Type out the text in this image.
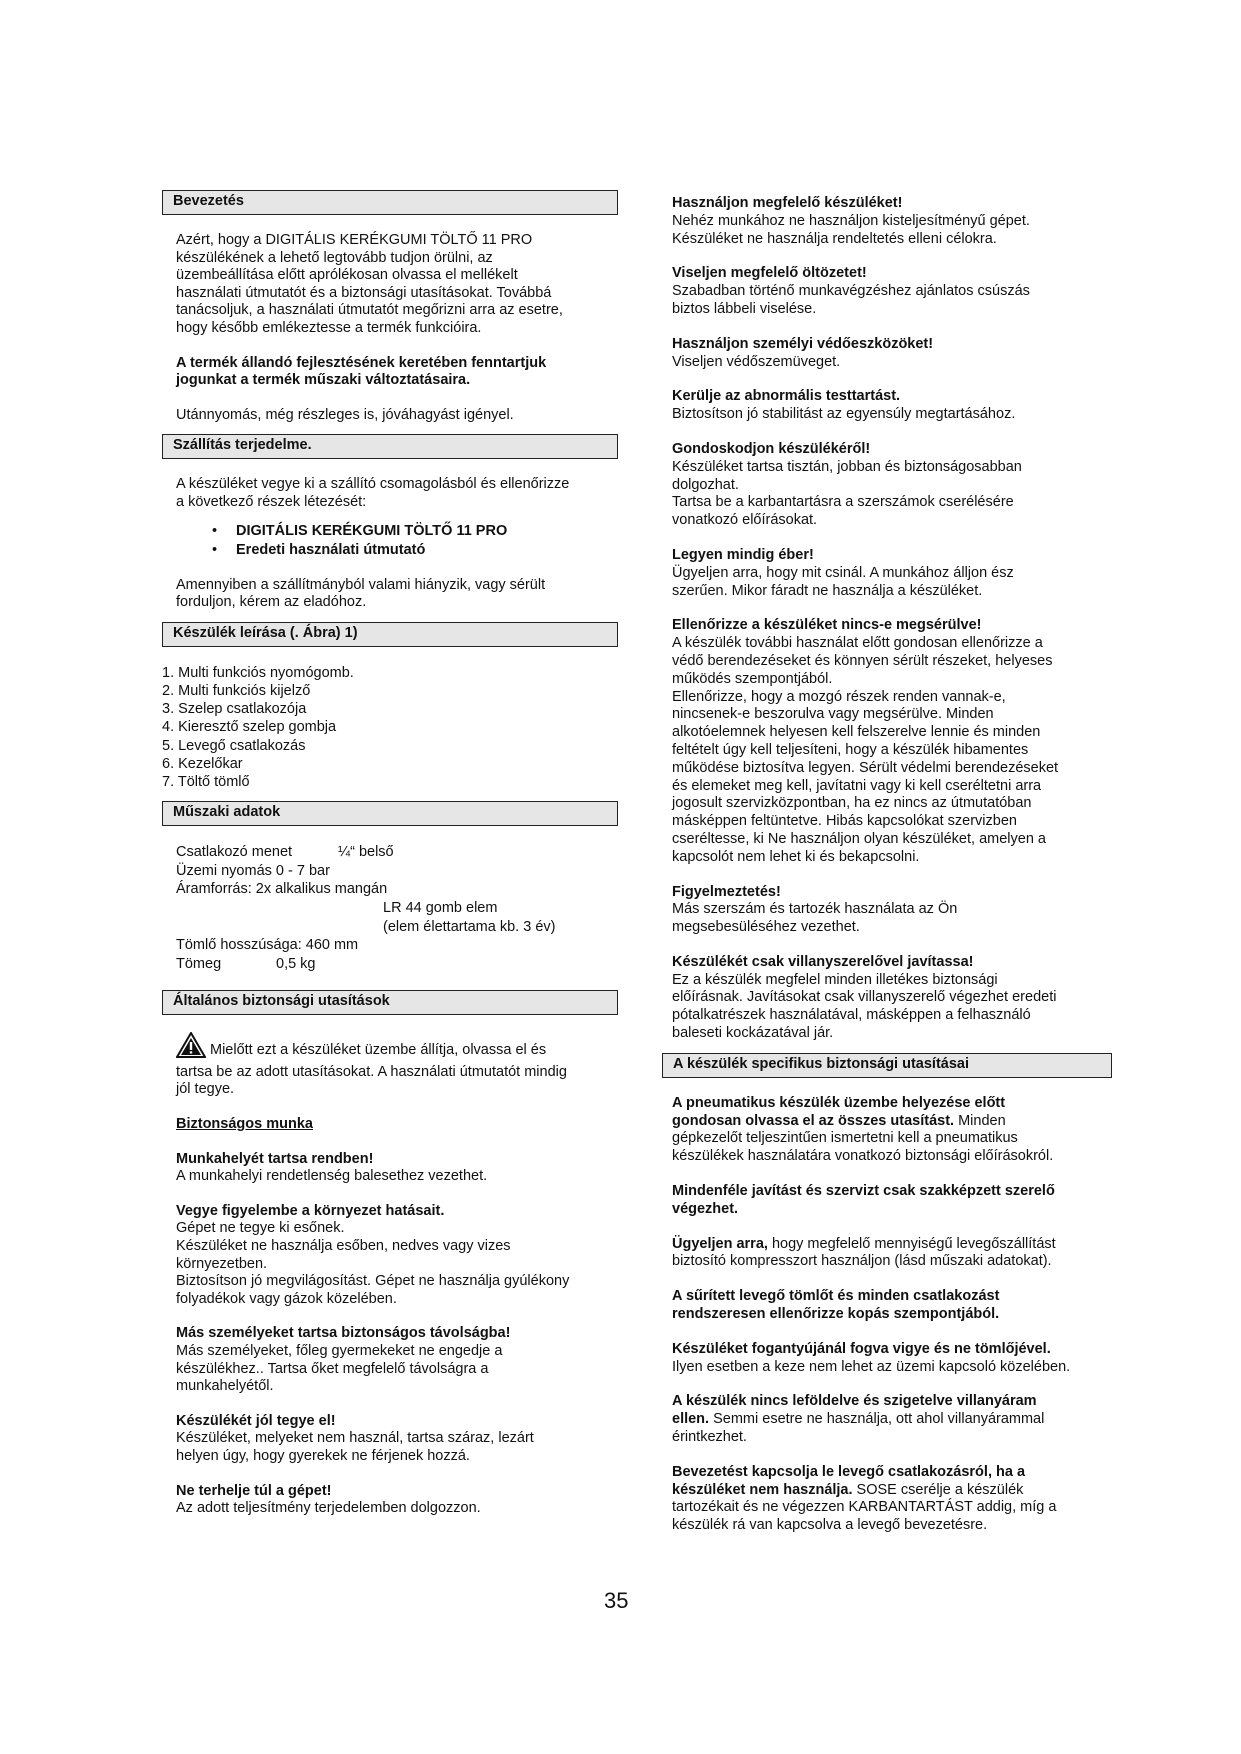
Bevezetés

Azért, hogy a DIGITÁLIS KERÉKGUMI TÖLTŐ 11 PRO

készülékének a lehető legtovább tudjon örülni, az

üzembeállítása előtt aprólékosan olvassa el mellékelt

használati útmutatót és a biztonsági utasításokat. Továbbá

tanácsoljuk, a használati útmutatót megőrizni arra az esetre,

hogy később emlékeztesse a termék funkcióira.

A termék állandó fejlesztésének keretében fenntartjuk

jogunkat a termék műszaki változtatásaira.

Utánnyomás, még részleges is, jóváhagyást igényel.

Szállítás terjedelme.

A készüléket vegye ki a szállító csomagolásból és ellenőrizze

a következő részek létezését:

• DIGITÁLIS KERÉKGUMI TÖLTŐ 11 PRO
• Eredeti használati útmutató

Amennyiben a szállítmányból valami hiányzik, vagy sérült

forduljon, kérem az eladóhoz.

Készülék leírása (. Ábra) 1)
1. Multi funkciós nyomógomb.
2. Multi funkciós kijelző
3. Szelep csatlakozója
4. Kieresztő szelep gombja
5. Levegő csatlakozás
6. Kezelőkar
7. Töltő tömlő
Műszaki adatok
Csatlakozó menet	¼“ belső

Üzemi nyomás 0 - 7 bar

Áramforrás: 2x alkalikus mangán

LR 44 gomb elem

(elem élettartama kb. 3 év)

Tömlő hosszúsága: 460 mm

Tömeg	0,5 kg
Általános biztonsági utasítások

Mielőtt ezt a készüléket üzembe állítja, olvassa el és

tartsa be az adott utasításokat. A használati útmutatót mindig

jól tegye.

Biztonságos munka

Munkahelyét tartsa rendben!

A munkahelyi rendetlenség balesethez vezethet.

Vegye figyelembe a környezet hatásait.

Gépet ne tegye ki esőnek.

Készüléket ne használja esőben, nedves vagy vizes

környezetben.

Biztosítson jó megvilágosítást. Gépet ne használja gyúlékony

folyadékok vagy gázok közelében.

Más személyeket tartsa biztonságos távolságba!

Más személyeket, főleg gyermekeket ne engedje a

készülékhez.. Tartsa őket megfelelő távolságra a

munkahelyétől.

Készülékét jól tegye el!

Készüléket, melyeket nem használ, tartsa száraz, lezárt

helyen úgy, hogy gyerekek ne férjenek hozzá.

Ne terhelje túl a gépet!

Az adott teljesítmény terjedelemben dolgozzon.

Használjon megfelelő készüléket!

Nehéz munkához ne használjon kisteljesítményű gépet.

Készüléket ne használja rendeltetés elleni célokra.

Viseljen megfelelő öltözetet!

Szabadban történő munkavégzéshez ajánlatos csúszás

biztos lábbeli viselése.

Használjon személyi védőeszközöket!

Viseljen védőszemüveget.

Kerülje az abnormális testtartást.

Biztosítson jó stabilitást az egyensúly megtartásához.

Gondoskodjon készülékéről!

Készüléket tartsa tisztán, jobban és biztonságosabban

dolgozhat.

Tartsa be a karbantartásra a szerszámok cserélésére

vonatkozó előírásokat.

Legyen mindig éber!

Ügyeljen arra, hogy mit csinál. A munkához álljon ész

szerűen. Mikor fáradt ne használja a készüléket.

Ellenőrizze a készüléket nincs-e megsérülve!

A készülék további használat előtt gondosan ellenőrizze a

védő berendezéseket és könnyen sérült részeket, helyeses

működés szempontjából.

Ellenőrizze, hogy a mozgó részek renden vannak-e,

nincsenek-e beszorulva vagy megsérülve. Minden

alkotóelemnek helyesen kell felszerelve lennie és minden

feltételt úgy kell teljesíteni, hogy a készülék hibamentes

működése biztosítva legyen. Sérült védelmi berendezéseket

és elemeket meg kell, javítatni vagy ki kell cseréltetni arra

jogosult szervizközpontban, ha ez nincs az útmutatóban

másképpen feltüntetve. Hibás kapcsolókat szervizben

cseréltesse, ki Ne használjon olyan készüléket, amelyen a

kapcsolót nem lehet ki és bekapcsolni.

Figyelmeztetés!

Más szerszám és tartozék használata az Ön

megsebesüléséhez vezethet.

Készülékét csak villanyszerelővel javítassa!

Ez a készülék megfelel minden illetékes biztonsági

előírásnak. Javításokat csak villanyszerelő végezhet eredeti

pótalkatrészek használatával, másképpen a felhasználó

baleseti kockázatával jár.

A készülék specifikus biztonsági utasításai

A pneumatikus készülék üzembe helyezése előtt

gondosan olvassa el az összes utasítást. Minden

gépkezelőt teljeszintűen ismertetni kell a pneumatikus

készülékek használatára vonatkozó biztonsági előírásokról.

Mindenféle javítást és szervizt csak szakképzett szerelő

végezhet.

Ügyeljen arra, hogy megfelelő mennyiségű levegőszállítást

biztosító kompresszort használjon (lásd műszaki adatokat).

A sűrített levegő tömlőt és minden csatlakozást

rendszeresen ellenőrizze kopás szempontjából.

Készüléket fogantyújánál fogva vigye és ne tömlőjével.

Ilyen esetben a keze nem lehet az üzemi kapcsoló közelében.

A készülék nincs leföldelve és szigetelve villanyáram

ellen. Semmi esetre ne használja, ott ahol villanyárammal

érintkezhet.

Bevezetést kapcsolja le levegő csatlakozásról, ha a

készüléket nem használja. SOSE cserélje a készülék

tartozékait és ne végezzen KARBANTARTÁST addig, míg a

készülék rá van kapcsolva a levegő bevezetésre.

35
